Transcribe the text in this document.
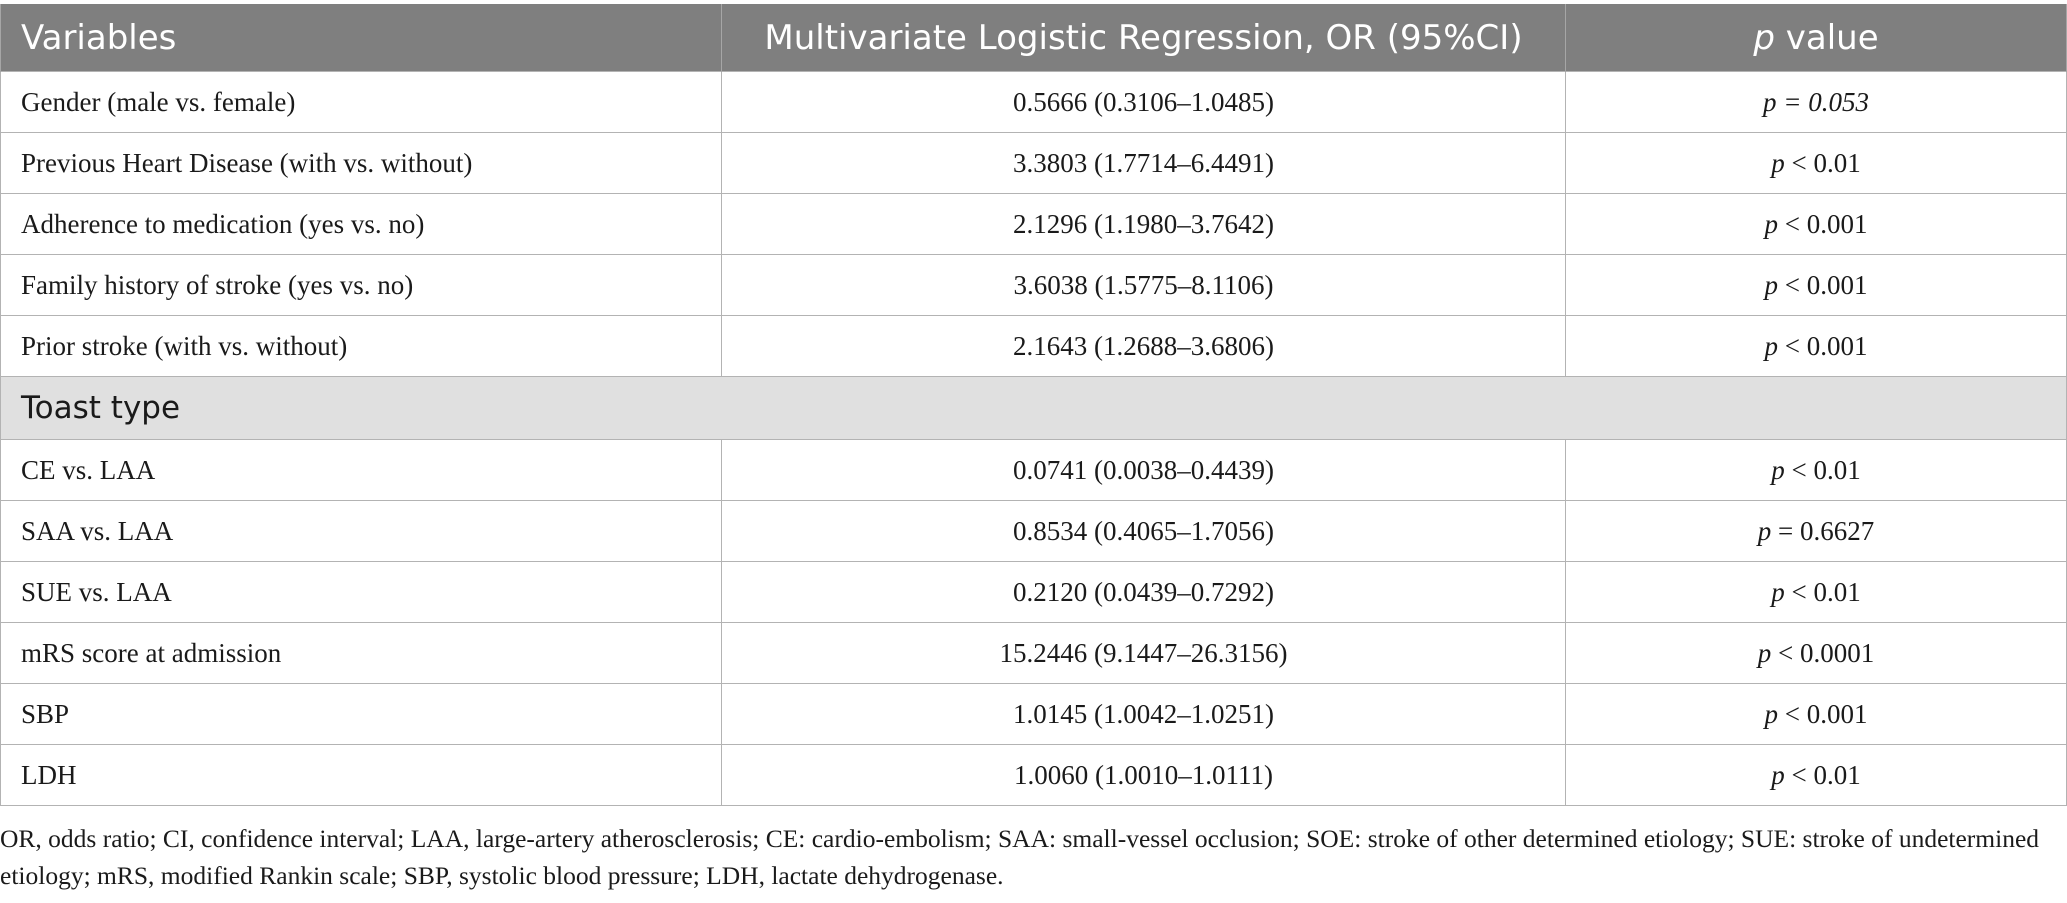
Variables	Multivariate Logistic Regression, OR (95%CI)	p value
Gender (male vs. female)	0.5666 (0.3106–1.0485)	p = 0.053
Previous Heart Disease (with vs. without)	3.3803 (1.7714–6.4491)	p < 0.01
Adherence to medication (yes vs. no)	2.1296 (1.1980–3.7642)	p < 0.001
Family history of stroke (yes vs. no)	3.6038 (1.5775–8.1106)	p < 0.001
Prior stroke (with vs. without)	2.1643 (1.2688–3.6806)	p < 0.001
Toast type		
CE vs. LAA	0.0741 (0.0038–0.4439)	p < 0.01
SAA vs. LAA	0.8534 (0.4065–1.7056)	p = 0.6627
SUE vs. LAA	0.2120 (0.0439–0.7292)	p < 0.01
mRS score at admission	15.2446 (9.1447–26.3156)	p < 0.0001
SBP	1.0145 (1.0042–1.0251)	p < 0.001
LDH	1.0060 (1.0010–1.0111)	p < 0.01
OR, odds ratio; CI, confidence interval; LAA, large-artery atherosclerosis; CE: cardio-embolism; SAA: small-vessel occlusion; SOE: stroke of other determined etiology; SUE: stroke of undetermined etiology; mRS, modified Rankin scale; SBP, systolic blood pressure; LDH, lactate dehydrogenase.
